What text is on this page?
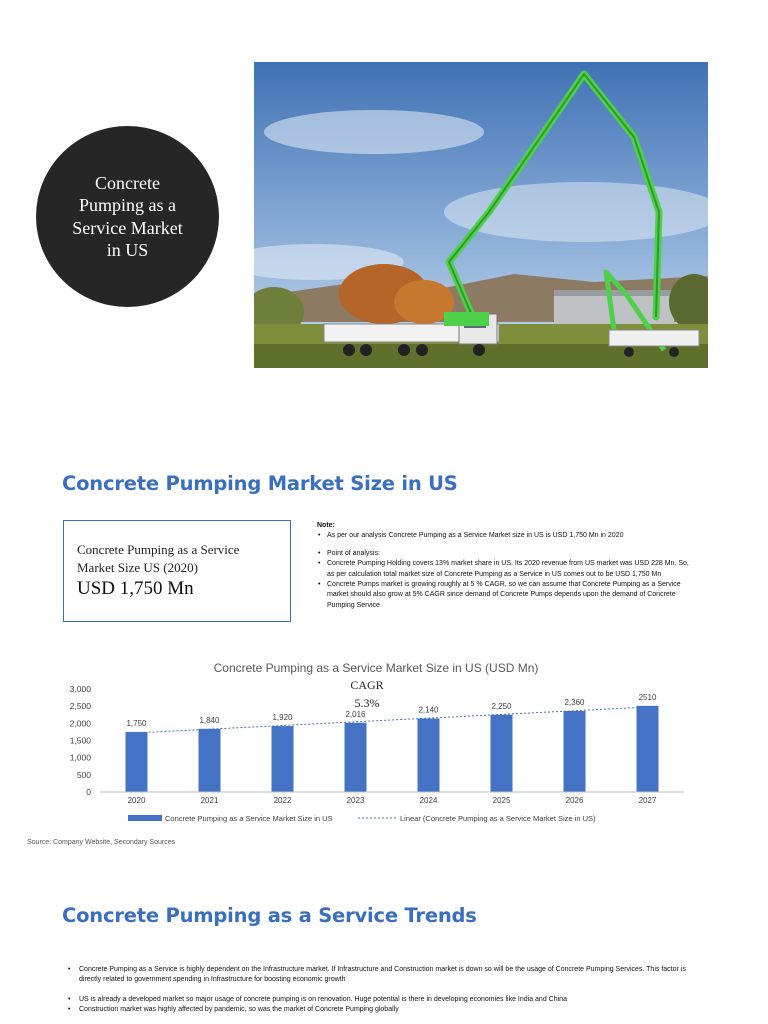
Concrete Pumping as a Service Market in US
Concrete Pumping Market Size in US
Concrete Pumping as a Service Market Size US (2020)
USD 1,750 Mn
Note:
• As per our analysis Concrete Pumping as a Service Market size in US is USD 1,750 Mn in 2020
• Point of analysis:
• Concrete Pumping Holding covers 13% market share in US. Its 2020 revenue from US market was USD 228 Mn. So, as per calculation total market size of Concrete Pumping as a Service in US comes out to be USD 1,750 Mn
• Concrete Pumps market is growing roughly at 5 % CAGR, so we can assume that Concrete Pumping as a Service market should also grow at 5% CAGR since demand of Concrete Pumps depends upon the demand of Concrete Pumping Service
Concrete Pumping as a Service Market Size in US (USD Mn)
0
500
1,000
1,500
2,000
2,500
3,000
1,750	1,840	1,920	2,016	2,140	2,250	2,360
2510
2020	2021	2022	2023	2024	2025	2026	2027
CAGR
5.3%
Concrete Pumping as a Service Market Size in US	Linear (Concrete Pumping as a Service Market Size in US)
Source: Company Website, Secondary Sources
Concrete Pumping as a Service Trends
• Concrete Pumping as a Service is highly dependent on the Infrastructure market. If Infrastructure and Construction market is down so will be the usage of Concrete Pumping Services. This factor is directly related to government spending in Infrastructure for boosting economic growth
• US is already a developed market so major usage of concrete pumping is on renovation. Huge potential is there in developing economies like India and China
• Construction market was highly affected by pandemic, so was the market of Concrete Pumping globally
